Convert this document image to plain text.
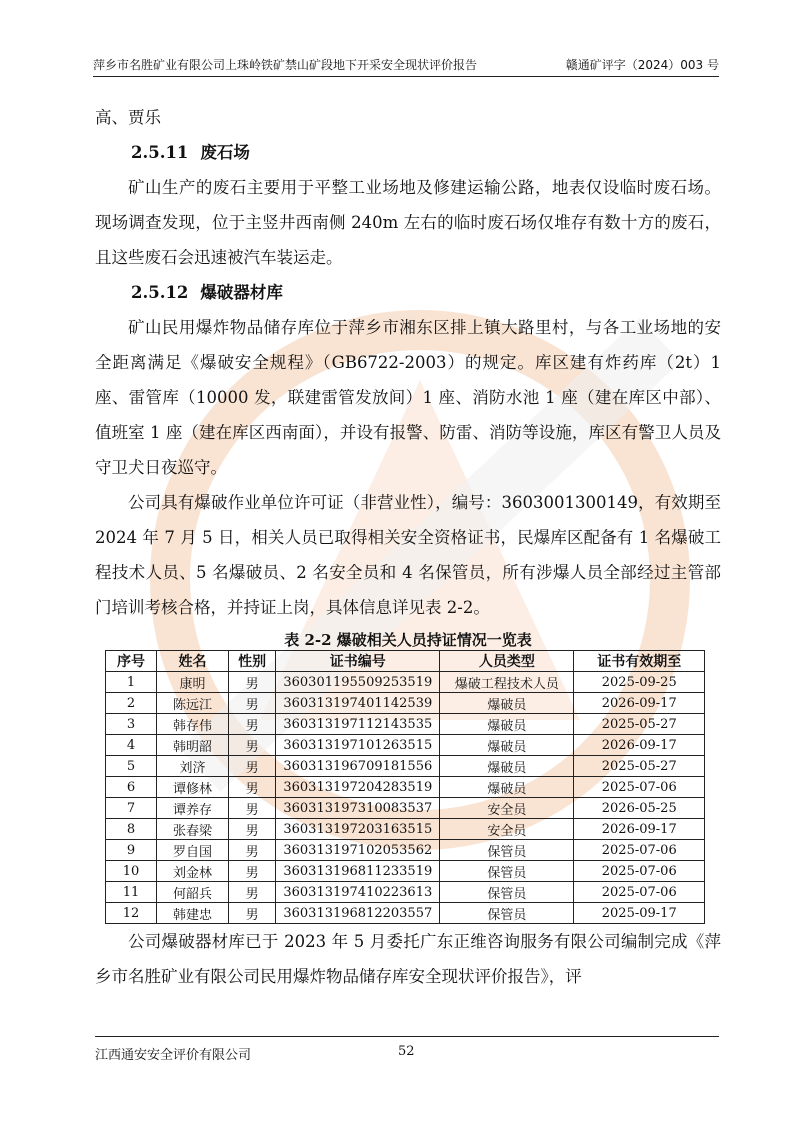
萍乡市名胜矿业有限公司上珠岭铁矿禁山矿段地下开采安全现状评价报告	赣通矿评字（2024）003 号

高、贾乐

2.5.11 废石场

矿山生产的废石主要用于平整工业场地及修建运输公路，地表仅设临时废石场。现场调查发现，位于主竖井西南侧 240m 左右的临时废石场仅堆存有数十方的废石，且这些废石会迅速被汽车装运走。

2.5.12 爆破器材库

矿山民用爆炸物品储存库位于萍乡市湘东区排上镇大路里村，与各工业场地的安全距离满足《爆破安全规程》（GB6722-2003）的规定。库区建有炸药库（2t）1 座、雷管库（10000 发，联建雷管发放间）1 座、消防水池 1 座（建在库区中部）、值班室 1 座（建在库区西南面），并设有报警、防雷、消防等设施，库区有警卫人员及守卫犬日夜巡守。

公司具有爆破作业单位许可证（非营业性），编号：3603001300149，有效期至 2024 年 7 月 5 日，相关人员已取得相关安全资格证书，民爆库区配备有 1 名爆破工程技术人员、5 名爆破员、2 名安全员和 4 名保管员，所有涉爆人员全部经过主管部门培训考核合格，并持证上岗，具体信息详见表 2-2。

表 2-2 爆破相关人员持证情况一览表
序号	姓名	性别	证书编号	人员类型	证书有效期至
1	康明	男	360301195509253519	爆破工程技术人员	2025-09-25
2	陈远江	男	360313197401142539	爆破员	2026-09-17
3	韩存伟	男	360313197112143535	爆破员	2025-05-27
4	韩明韶	男	360313197101263515	爆破员	2026-09-17
5	刘济	男	360313196709181556	爆破员	2025-05-27
6	谭修林	男	360313197204283519	爆破员	2025-07-06
7	谭养存	男	360313197310083537	安全员	2026-05-25
8	张春梁	男	360313197203163515	安全员	2026-09-17
9	罗自国	男	360313197102053562	保管员	2025-07-06
10	刘金林	男	360313196811233519	保管员	2025-07-06
11	何韶兵	男	360313197410223613	保管员	2025-07-06
12	韩建忠	男	360313196812203557	保管员	2025-09-17

公司爆破器材库已于 2023 年 5 月委托广东正维咨询服务有限公司编制完成《萍乡市名胜矿业有限公司民用爆炸物品储存库安全现状评价报告》，评

江西通安安全评价有限公司	52
